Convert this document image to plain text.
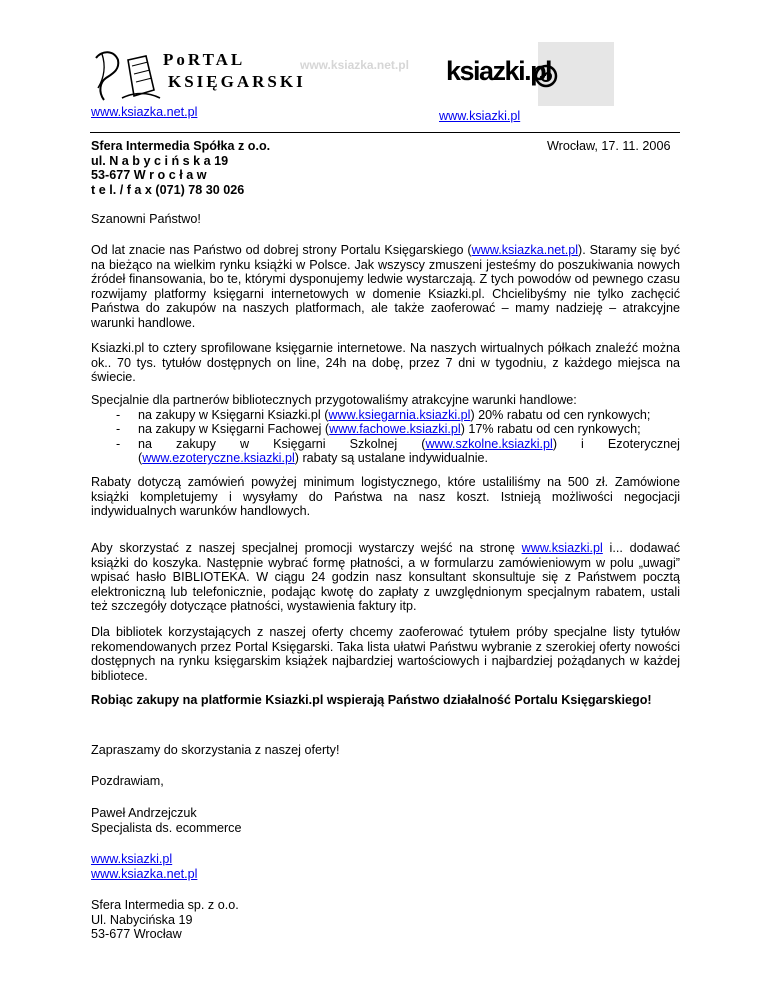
PoRTAL
KSIĘGARSKI
www.ksiazka.net.pl ksiazki.pl
www.ksiazka.net.pl	www.ksiazki.pl
Sfera Intermedia Spółka z o.o.
ul. N a b y c i ń s k a 19
53-677 W r o c ł a w
t e l. / f a x (071) 78 30 026
Wrocław, 17. 11. 2006
Szanowni Państwo!
Od lat znacie nas Państwo od dobrej strony Portalu Księgarskiego (www.ksiazka.net.pl). Staramy się być na bieżąco na wielkim rynku książki w Polsce. Jak wszyscy zmuszeni jesteśmy do poszukiwania nowych źródeł finansowania, bo te, którymi dysponujemy ledwie wystarczają. Z tych powodów od pewnego czasu rozwijamy platformy księgarni internetowych w domenie Ksiazki.pl. Chcielibyśmy nie tylko zachęcić Państwa do zakupów na naszych platformach, ale także zaoferować – mamy nadzieję – atrakcyjne warunki handlowe.
Ksiazki.pl to cztery sprofilowane księgarnie internetowe. Na naszych wirtualnych półkach znaleźć można ok.. 70 tys. tytułów dostępnych on line, 24h na dobę, przez 7 dni w tygodniu, z każdego miejsca na świecie.
Specjalnie dla partnerów bibliotecznych przygotowaliśmy atrakcyjne warunki handlowe:
- na zakupy w Księgarni Ksiazki.pl (www.ksiegarnia.ksiazki.pl) 20% rabatu od cen rynkowych;
- na zakupy w Księgarni Fachowej (www.fachowe.ksiazki.pl) 17% rabatu od cen rynkowych;
- na zakupy w Księgarni Szkolnej (www.szkolne.ksiazki.pl) i Ezoterycznej
(www.ezoteryczne.ksiazki.pl) rabaty są ustalane indywidualnie.
Rabaty dotyczą zamówień powyżej minimum logistycznego, które ustaliliśmy na 500 zł. Zamówione książki kompletujemy i wysyłamy do Państwa na nasz koszt. Istnieją możliwości negocjacji indywidualnych warunków handlowych.
Aby skorzystać z naszej specjalnej promocji wystarczy wejść na stronę www.ksiazki.pl i... dodawać książki do koszyka. Następnie wybrać formę płatności, a w formularzu zamówieniowym w polu „uwagi” wpisać hasło BIBLIOTEKA. W ciągu 24 godzin nasz konsultant skonsultuje się z Państwem pocztą elektroniczną lub telefonicznie, podając kwotę do zapłaty z uwzględnionym specjalnym rabatem, ustali też szczegóły dotyczące płatności, wystawienia faktury itp.
Dla bibliotek korzystających z naszej oferty chcemy zaoferować tytułem próby specjalne listy tytułów rekomendowanych przez Portal Księgarski. Taka lista ułatwi Państwu wybranie z szerokiej oferty nowości dostępnych na rynku księgarskim książek najbardziej wartościowych i najbardziej pożądanych w każdej bibliotece.
Robiąc zakupy na platformie Ksiazki.pl wspierają Państwo działalność Portalu Księgarskiego!
Zapraszamy do skorzystania z naszej oferty!
Pozdrawiam,
Paweł Andrzejczuk
Specjalista ds. ecommerce
www.ksiazki.pl
www.ksiazka.net.pl
Sfera Intermedia sp. z o.o.
Ul. Nabycińska 19
53-677 Wrocław
